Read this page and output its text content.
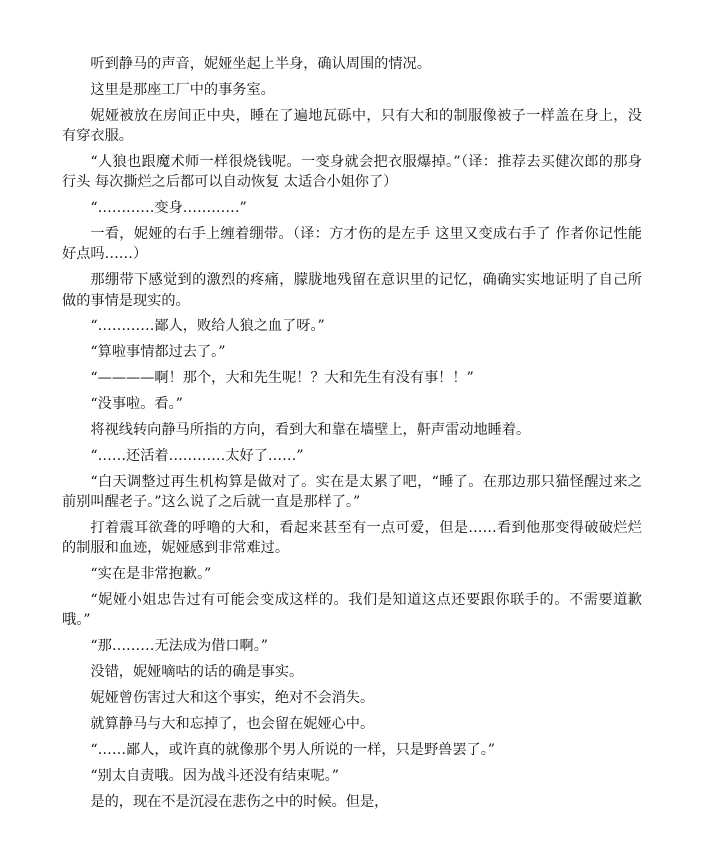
听到静马的声音，妮娅坐起上半身，确认周围的情况。

这里是那座工厂中的事务室。

妮娅被放在房间正中央，睡在了遍地瓦砾中，只有大和的制服像被子一样盖在身上，没有穿衣服。

“人狼也跟魔术师一样很烧钱呢。一变身就会把衣服爆掉。”（译：推荐去买健次郎的那身行头 每次撕烂之后都可以自动恢复 太适合小姐你了）

“…………变身…………”

一看，妮娅的右手上缠着绷带。（译：方才伤的是左手 这里又变成右手了 作者你记性能好点吗……）

那绷带下感觉到的激烈的疼痛，朦胧地残留在意识里的记忆，确确实实地证明了自己所做的事情是现实的。

“…………鄙人，败给人狼之血了呀。”

“算啦事情都过去了。”

“————啊！那个，大和先生呢！？大和先生有没有事！！”

“没事啦。看。”

将视线转向静马所指的方向，看到大和靠在墙壁上，鼾声雷动地睡着。

“……还活着…………太好了……”

“白天调整过再生机构算是做对了。实在是太累了吧，“睡了。在那边那只猫怪醒过来之前别叫醒老子。”这么说了之后就一直是那样了。”

打着震耳欲聋的呼噜的大和，看起来甚至有一点可爱，但是……看到他那变得破破烂烂的制服和血迹，妮娅感到非常难过。

“实在是非常抱歉。”

“妮娅小姐忠告过有可能会变成这样的。我们是知道这点还要跟你联手的。不需要道歉哦。”

“那………无法成为借口啊。”

没错，妮娅嘀咕的话的确是事实。

妮娅曾伤害过大和这个事实，绝对不会消失。

就算静马与大和忘掉了，也会留在妮娅心中。

“……鄙人，或许真的就像那个男人所说的一样，只是野兽罢了。”

“别太自责哦。因为战斗还没有结束呢。”

是的，现在不是沉浸在悲伤之中的时候。但是，
